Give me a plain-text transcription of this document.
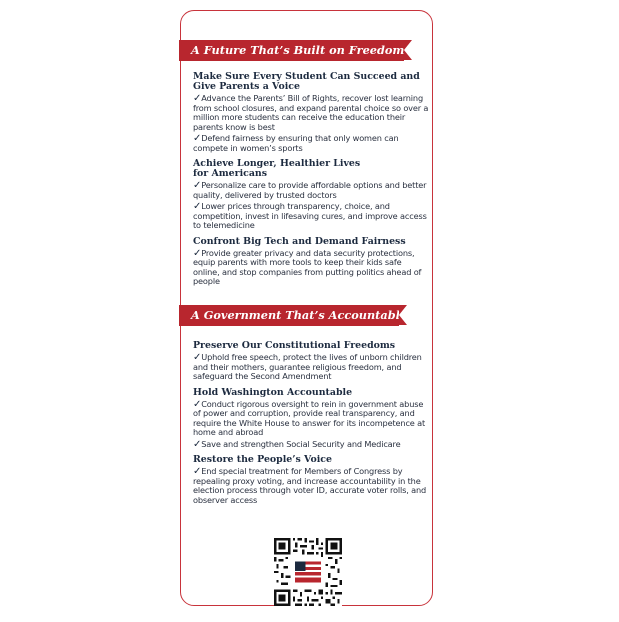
A Future That’s Built on Freedom
Make Sure Every Student Can Succeed and Give Parents a Voice
✓Advance the Parents’ Bill of Rights, recover lost learning from school closures, and expand parental choice so over a million more students can receive the education their parents know is best
✓Defend fairness by ensuring that only women can compete in women’s sports
Achieve Longer, Healthier Lives for Americans
✓Personalize care to provide affordable options and better quality, delivered by trusted doctors
✓Lower prices through transparency, choice, and competition, invest in lifesaving cures, and improve access to telemedicine
Confront Big Tech and Demand Fairness
✓Provide greater privacy and data security protections, equip parents with more tools to keep their kids safe online, and stop companies from putting politics ahead of people
A Government That’s Accountable
Preserve Our Constitutional Freedoms
✓Uphold free speech, protect the lives of unborn children and their mothers, guarantee religious freedom, and safeguard the Second Amendment
Hold Washington Accountable
✓Conduct rigorous oversight to rein in government abuse of power and corruption, provide real transparency, and require the White House to answer for its incompetence at home and abroad
✓Save and strengthen Social Security and Medicare
Restore the People’s Voice
✓End special treatment for Members of Congress by repealing proxy voting, and increase accountability in the election process through voter ID, accurate voter rolls, and observer access
